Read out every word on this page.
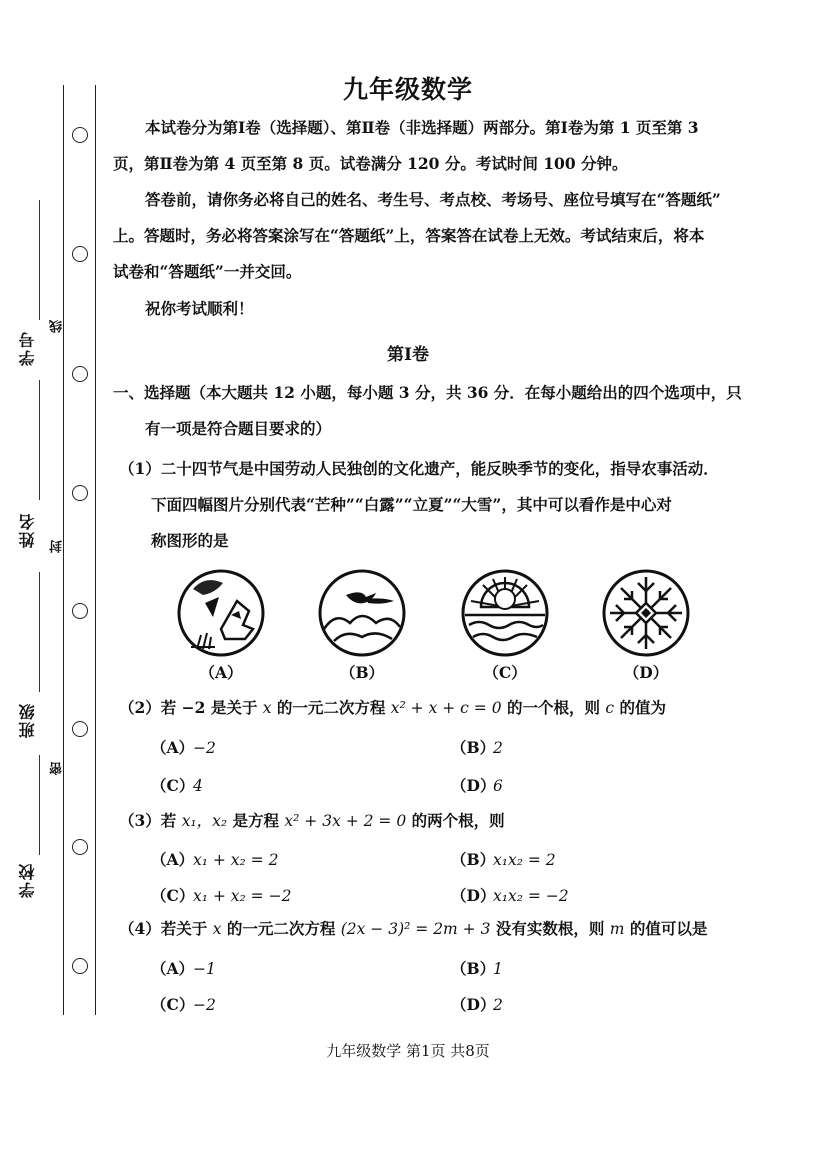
学号
姓名
班级
学校
线
封
密
九年级数学
本试卷分为第Ⅰ卷（选择题）、第Ⅱ卷（非选择题）两部分。第Ⅰ卷为第 1 页至第 3
页，第Ⅱ卷为第 4 页至第 8 页。试卷满分 120 分。考试时间 100 分钟。
答卷前，请你务必将自己的姓名、考生号、考点校、考场号、座位号填写在“答题纸”
上。答题时，务必将答案涂写在“答题纸”上，答案答在试卷上无效。考试结束后，将本
试卷和“答题纸”一并交回。
祝你考试顺利！
第Ⅰ卷
一、选择题（本大题共 12 小题，每小题 3 分，共 36 分．在每小题给出的四个选项中，只
有一项是符合题目要求的）
（1）二十四节气是中国劳动人民独创的文化遗产，能反映季节的变化，指导农事活动．
下面四幅图片分别代表“芒种”“白露”“立夏”“大雪”，其中可以看作是中心对
称图形的是
（A）	（B）	（C）	（D）
（2）若 −2 是关于 x 的一元二次方程 x² + x + c = 0 的一个根，则 c 的值为
（A）−2	（B）2
（C）4	（D）6
（3）若 x₁，x₂ 是方程 x² + 3x + 2 = 0 的两个根，则
（A）x₁ + x₂ = 2	（B）x₁x₂ = 2
（C）x₁ + x₂ = −2	（D）x₁x₂ = −2
（4）若关于 x 的一元二次方程 (2x − 3)² = 2m + 3 没有实数根，则 m 的值可以是
（A）−1	（B）1
（C）−2	（D）2
九年级数学 第1页 共8页
